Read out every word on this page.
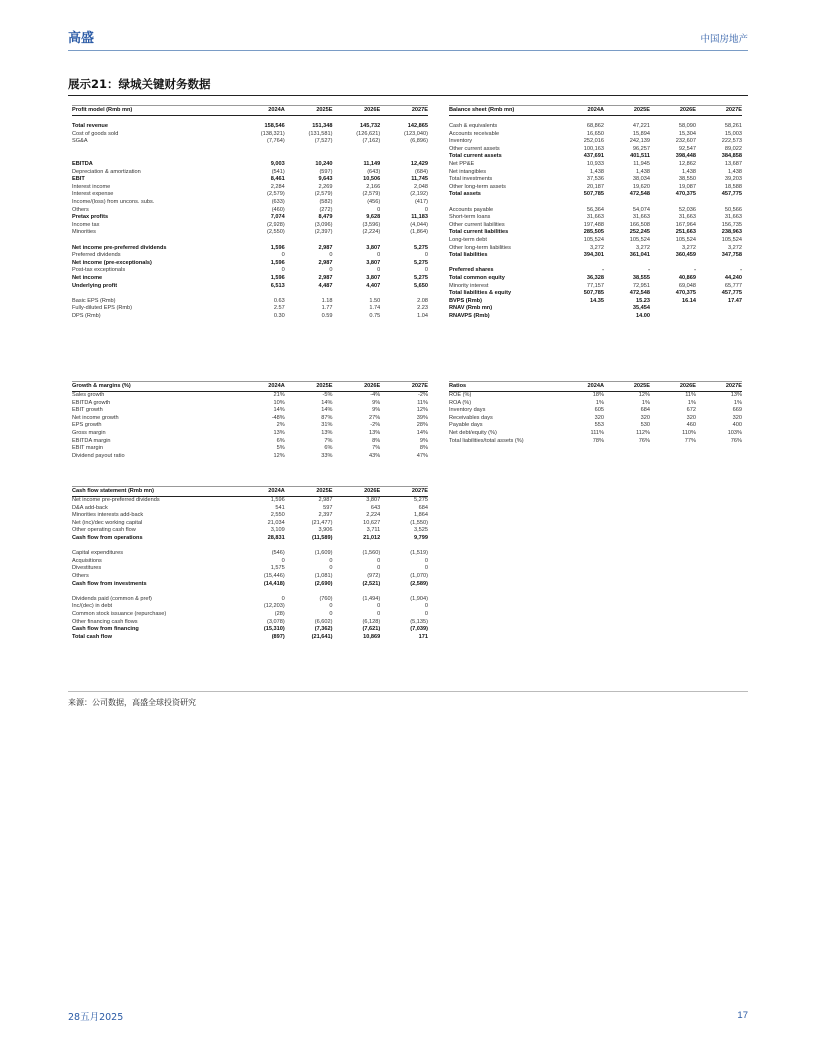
高盛	中国房地产
展示21：绿城关键财务数据
Profit model (Rmb mn)	2024A	2025E	2026E	2027E

Total revenue	158,546	151,348	145,732	142,865
Cost of goods sold	(138,321)	(131,581)	(126,621)	(123,040)
SG&A	(7,764)	(7,527)	(7,162)	(6,896)

EBITDA	9,003	10,240	11,149	12,429
Depreciation & amortization	(541)	(597)	(643)	(684)
EBIT	8,461	9,643	10,506	11,745
Interest income	2,284	2,269	2,166	2,048
Interest expense	(2,579)	(2,579)	(2,579)	(2,192)
Income/(loss) from uncons. subs.	(633)	(582)	(456)	(417)
Others	(460)	(272)	0	0
Pretax profits	7,074	8,479	9,628	11,183
Income tax	(2,928)	(3,096)	(3,596)	(4,044)
Minorities	(2,550)	(2,397)	(2,224)	(1,864)

Net income pre-preferred dividends	1,596	2,987	3,807	5,275
Preferred dividends	0	0	0	0
Net income (pre-exceptionals)	1,596	2,987	3,807	5,275
Post-tax exceptionals	0	0	0	0
Net income	1,596	2,987	3,807	5,275
Underlying profit	6,513	4,487	4,407	5,650

Basic EPS (Rmb)	0.63	1.18	1.50	2.08
Fully-diluted EPS (Rmb)	2.57	1.77	1.74	2.23
DPS (Rmb)	0.30	0.59	0.75	1.04
Balance sheet (Rmb mn)	2024A	2025E	2026E	2027E

Cash & equivalents	68,862	47,221	58,090	58,261
Accounts receivable	16,650	15,894	15,304	15,003
Inventory	252,016	242,139	232,607	222,573
Other current assets	100,163	96,257	92,547	89,022
Total current assets	437,691	401,511	398,448	384,858
Net PP&E	10,933	11,945	12,862	13,687
Net intangibles	1,438	1,438	1,438	1,438
Total investments	37,536	38,034	38,550	39,203
Other long-term assets	20,187	19,620	19,087	18,588
Total assets	507,785	472,548	470,375	457,775

Accounts payable	56,364	54,074	52,036	50,566
Short-term loans	31,663	31,663	31,663	31,663
Other current liabilities	197,488	166,508	167,964	156,735
Total current liabilities	285,505	252,245	251,663	238,963
Long-term debt	105,524	105,524	105,524	105,524
Other long-term liabilities	3,272	3,272	3,272	3,272
Total liabilities	394,301	361,041	360,459	347,758

Preferred shares	-	-	-	-
Total common equity	36,328	38,555	40,869	44,240
Minority interest	77,157	72,951	69,048	65,777
Total liabilities & equity	507,785	472,548	470,375	457,775
BVPS (Rmb)	14.35	15.23	16.14	17.47
RNAV (Rmb mn)		35,454		
RNAVPS (Rmb)		14.00		
Growth & margins (%)	2024A	2025E	2026E	2027E
Sales growth	21%	-5%	-4%	-2%
EBITDA growth	10%	14%	9%	11%
EBIT growth	14%	14%	9%	12%
Net income growth	-48%	87%	27%	39%
EPS growth	2%	31%	-2%	28%
Gross margin	13%	13%	13%	14%
EBITDA margin	6%	7%	8%	9%
EBIT margin	5%	6%	7%	8%
Dividend payout ratio	12%	33%	43%	47%
Ratios	2024A	2025E	2026E	2027E
ROE (%)	18%	12%	11%	13%
ROA (%)	1%	1%	1%	1%
Inventory days	605	684	672	669
Receivables days	320	320	320	320
Payable days	553	530	460	400
Net debt/equity (%)	111%	112%	110%	103%
Total liabilities/total assets (%)	78%	76%	77%	76%
Cash flow statement (Rmb mn)	2024A	2025E	2026E	2027E
Net income pre-preferred dividends	1,596	2,987	3,807	5,275
D&A add-back	541	597	643	684
Minorities interests add-back	2,550	2,397	2,224	1,864
Net (inc)/dec working capital	21,034	(21,477)	10,627	(1,550)
Other operating cash flow	3,109	3,906	3,711	3,525
Cash flow from operations	28,831	(11,589)	21,012	9,799

Capital expenditures	(546)	(1,609)	(1,560)	(1,519)
Acquisitions	0	0	0	0
Divestitures	1,575	0	0	0
Others	(15,446)	(1,081)	(972)	(1,070)
Cash flow from investments	(14,418)	(2,690)	(2,521)	(2,589)

Dividends paid (common & pref)	0	(760)	(1,494)	(1,904)
Inc/(dec) in debt	(12,203)	0	0	0
Common stock issuance (repurchase)	(28)	0	0	0
Other financing cash flows	(3,078)	(6,602)	(6,128)	(5,135)
Cash flow from financing	(15,310)	(7,362)	(7,621)	(7,039)
Total cash flow	(897)	(21,641)	10,869	171
来源：公司数据，高盛全球投资研究
28五月2025	17
